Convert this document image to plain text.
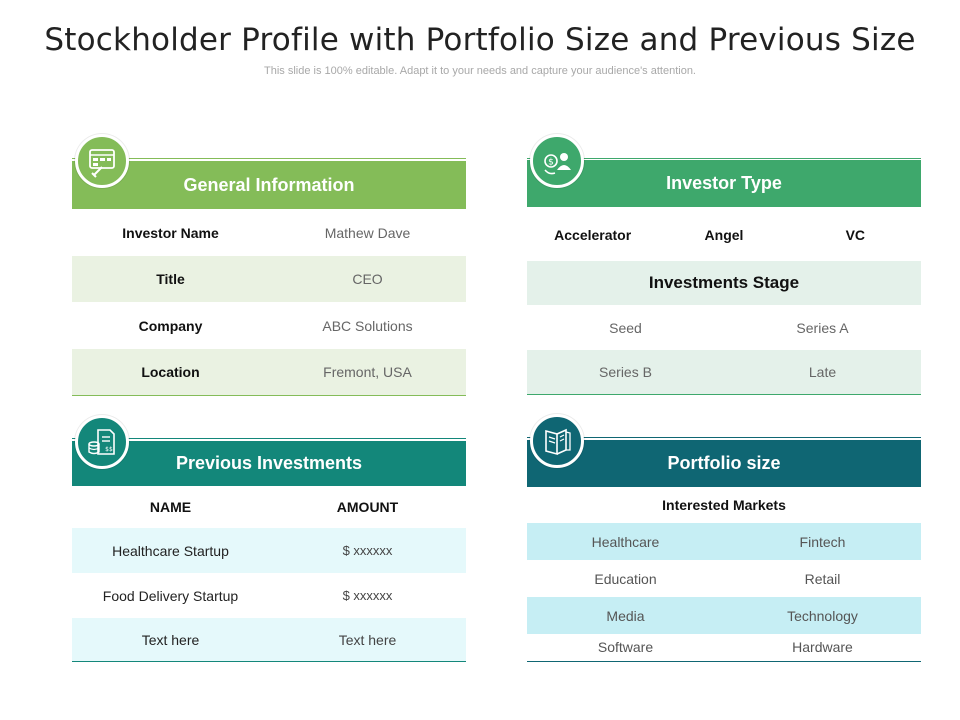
Stockholder Profile with Portfolio Size and Previous Size
This slide is 100% editable. Adapt it to your needs and capture your audience's attention.
General Information
Investor Name	Mathew Dave
Title	CEO
Company	ABC Solutions
Location	Fremont, USA
Investor Type
Accelerator	Angel	VC
Investments Stage
Seed	Series A
Series B	Late
$
Previous Investments
NAME	AMOUNT
Healthcare Startup	$ xxxxxx
Food Delivery Startup	$ xxxxxx
Text here	Text here
$$
Portfolio size
Interested Markets
Healthcare	Fintech
Education	Retail
Media	Technology
Software	Hardware
